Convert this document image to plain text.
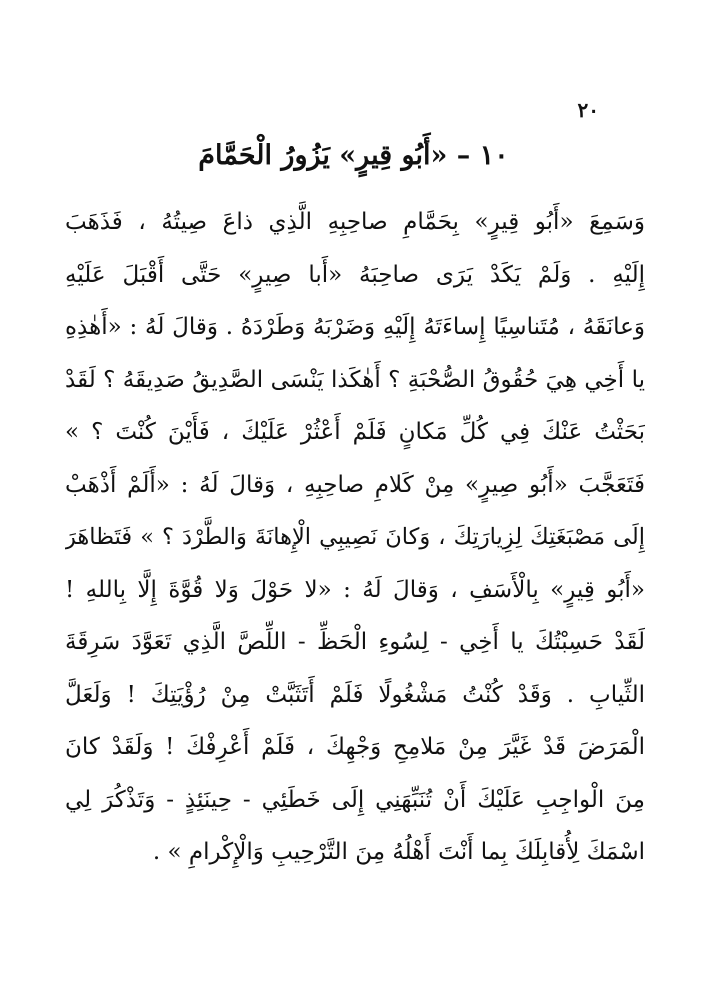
٢٠
١٠ – «أَبُو قِيرٍ» يَزُورُ الْحَمَّامَ
وَسَمِعَ «أَبُو قِيرٍ» بِحَمَّامِ صاحِبِهِ الَّذِي ذاعَ صِيتُهُ ، فَذَهَبَ
إِلَيْهِ . وَلَمْ يَكَدْ يَرَى صاحِبَهُ «أَبا صِيرٍ» حَتَّى أَقْبَلَ عَلَيْهِ
وَعانَقَهُ ، مُتَناسِيًا إِساءَتَهُ إِلَيْهِ وَضَرْبَهُ وَطَرْدَهُ . وَقالَ لَهُ : «أَهٰذِهِ
يا أَخِي هِيَ حُقُوقُ الصُّحْبَةِ ؟ أَهٰكَذا يَنْسَى الصَّدِيقُ صَدِيقَهُ ؟ لَقَدْ
بَحَثْتُ عَنْكَ فِي كُلِّ مَكانٍ فَلَمْ أَعْثُرْ عَلَيْكَ ، فَأَيْنَ كُنْتَ ؟ »
فَتَعَجَّبَ «أَبُو صِيرٍ» مِنْ كَلامِ صاحِبِهِ ، وَقالَ لَهُ : «أَلَمْ أَذْهَبْ
إِلَى مَصْبَغَتِكَ لِزِيارَتِكَ ، وَكانَ نَصِيبِي الْإِهانَةَ وَالطَّرْدَ ؟ » فَتَظاهَرَ
«أَبُو قِيرٍ» بِالْأَسَفِ ، وَقالَ لَهُ : «لا حَوْلَ وَلا قُوَّةَ إِلَّا بِاللهِ !
لَقَدْ حَسِبْتُكَ يا أَخِي - لِسُوءِ الْحَظِّ - اللِّصَّ الَّذِي تَعَوَّدَ سَرِقَةَ
الثِّيابِ . وَقَدْ كُنْتُ مَشْغُولًا فَلَمْ أَتَثَبَّتْ مِنْ رُؤْيَتِكَ ! وَلَعَلَّ
الْمَرَضَ قَدْ غَيَّرَ مِنْ مَلامِحِ وَجْهِكَ ، فَلَمْ أَعْرِفْكَ ! وَلَقَدْ كانَ
مِنَ الْواجِبِ عَلَيْكَ أَنْ تُنَبِّهَنِي إِلَى خَطَئِي - حِينَئِذٍ - وَتَذْكُرَ لِي
اسْمَكَ لِأُقابِلَكَ بِما أَنْتَ أَهْلُهُ مِنَ التَّرْحِيبِ وَالْإِكْرامِ » .
